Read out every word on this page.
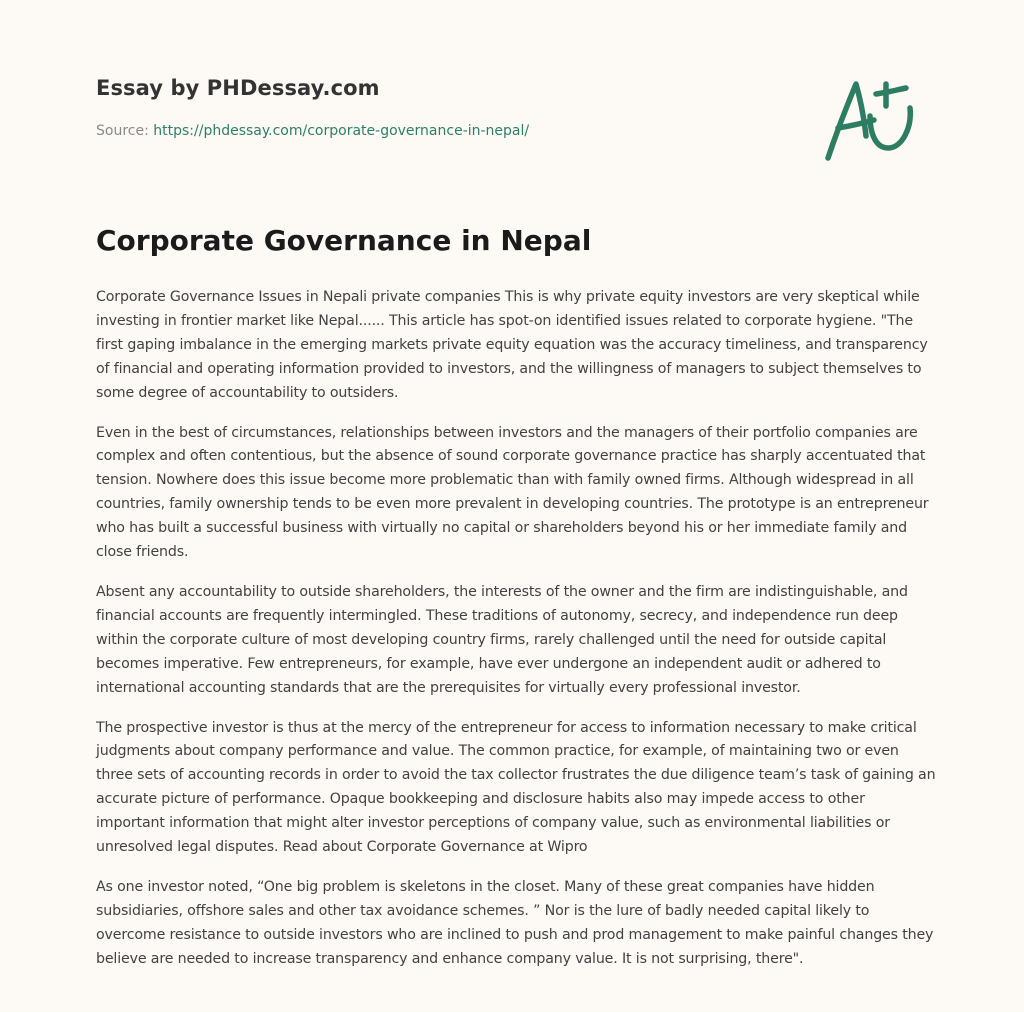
Essay by PHDessay.com
Source: https://phdessay.com/corporate-governance-in-nepal/
Corporate Governance in Nepal

Corporate Governance Issues in Nepali private companies This is why private equity investors are very skeptical while investing in frontier market like Nepal...... This article has spot-on identified issues related to corporate hygiene. "The first gaping imbalance in the emerging markets private equity equation was the accuracy timeliness, and transparency of financial and operating information provided to investors, and the willingness of managers to subject themselves to some degree of accountability to outsiders.

Even in the best of circumstances, relationships between investors and the managers of their portfolio companies are complex and often contentious, but the absence of sound corporate governance practice has sharply accentuated that tension. Nowhere does this issue become more problematic than with family owned firms. Although widespread in all countries, family ownership tends to be even more prevalent in developing countries. The prototype is an entrepreneur who has built a successful business with virtually no capital or shareholders beyond his or her immediate family and close friends.

Absent any accountability to outside shareholders, the interests of the owner and the firm are indistinguishable, and financial accounts are frequently intermingled. These traditions of autonomy, secrecy, and independence run deep within the corporate culture of most developing country firms, rarely challenged until the need for outside capital becomes imperative. Few entrepreneurs, for example, have ever undergone an independent audit or adhered to international accounting standards that are the prerequisites for virtually every professional investor.

The prospective investor is thus at the mercy of the entrepreneur for access to information necessary to make critical judgments about company performance and value. The common practice, for example, of maintaining two or even three sets of accounting records in order to avoid the tax collector frustrates the due diligence team’s task of gaining an accurate picture of performance. Opaque bookkeeping and disclosure habits also may impede access to other important information that might alter investor perceptions of company value, such as environmental liabilities or unresolved legal disputes. Read about Corporate Governance at Wipro

As one investor noted, “One big problem is skeletons in the closet. Many of these great companies have hidden subsidiaries, offshore sales and other tax avoidance schemes. ” Nor is the lure of badly needed capital likely to overcome resistance to outside investors who are inclined to push and prod management to make painful changes they believe are needed to increase transparency and enhance company value. It is not surprising, there".
